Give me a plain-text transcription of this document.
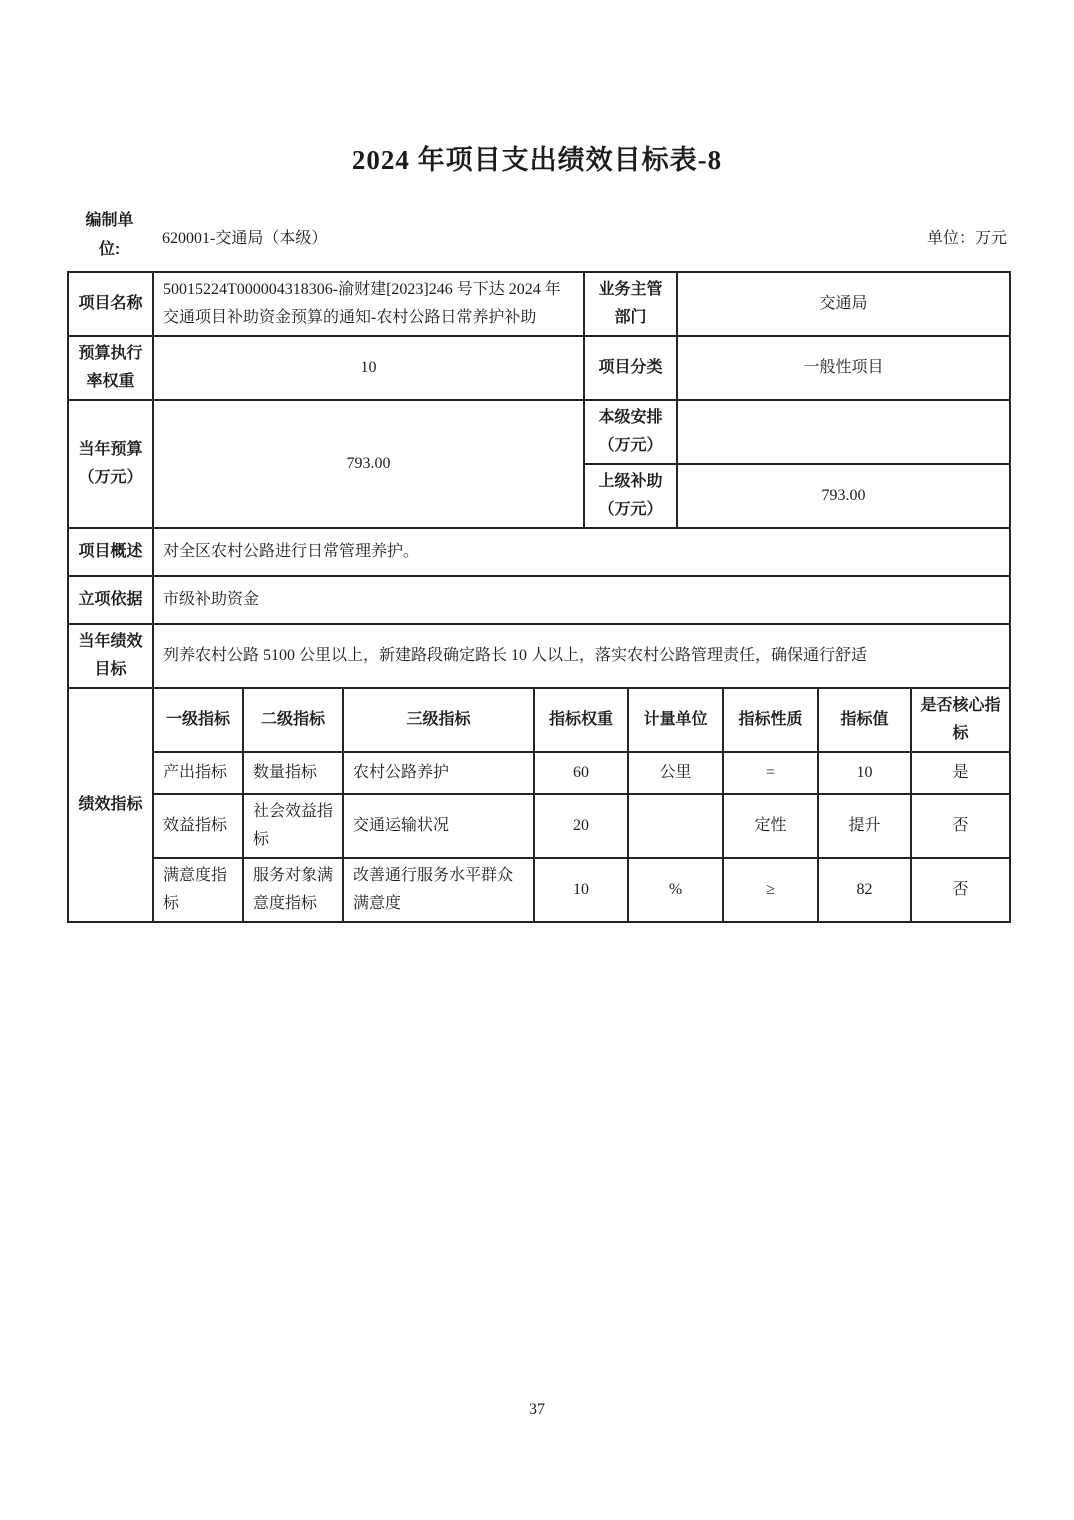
2024 年项目支出绩效目标表-8
编制单位:
620001-交通局（本级）	单位：万元
项目名称	50015224T000004318306-渝财建[2023]246 号下达 2024 年交通项目补助资金预算的通知-农村公路日常养护补助	业务主管部门	交通局
预算执行率权重	10	项目分类	一般性项目
当年预算（万元）	793.00	本级安排（万元）	
		上级补助（万元）	793.00
项目概述	对全区农村公路进行日常管理养护。		
立项依据	市级补助资金		
当年绩效目标	列养农村公路 5100 公里以上，新建路段确定路长 10 人以上，落实农村公路管理责任，确保通行舒适		
绩效指标	一级指标	二级指标	三级指标	指标权重	计量单位	指标性质	指标值	是否核心指标
	产出指标	数量指标	农村公路养护	60	公里	=	10	是
	效益指标	社会效益指标	交通运输状况	20		定性	提升	否
	满意度指标	服务对象满意度指标	改善通行服务水平群众满意度	10	%	≥	82	否
37
